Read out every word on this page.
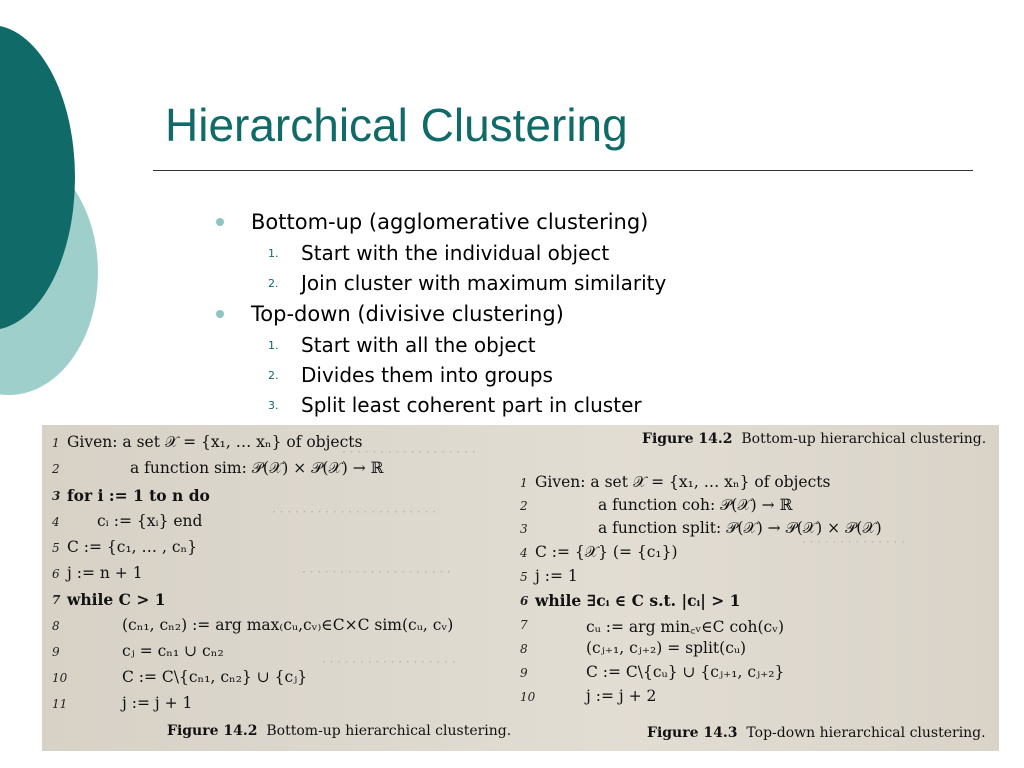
Hierarchical Clustering
Bottom-up (agglomerative clustering)
1. Start with the individual object
2. Join cluster with maximum similarity
Top-down (divisive clustering)
1. Start with all the object
2. Divides them into groups
3. Split least coherent part in cluster
· · · · · · · · · · · · · · · · · ·
· · · · · · · · · · · · · · · · · · · · · ·
· · · · · · · · · · · · · · · · · · · ·
· · · · · · · · · · · · · ·
· · · · · · · · · · · · · · · · · ·
1 Given: a set 𝒳 = {x₁, … xₙ} of objects
2	a function sim: 𝒫(𝒳) × 𝒫(𝒳) → ℝ
3 for i := 1 to n do
4 cᵢ := {xᵢ} end
5 C := {c₁, … , cₙ}
6 j := n + 1
7 while C > 1
8	(cₙ₁, cₙ₂) := arg max₍cᵤ,cᵥ₎∈C×C sim(cᵤ, cᵥ)
9	cⱼ = cₙ₁ ∪ cₙ₂
10	C := C\{cₙ₁, cₙ₂} ∪ {cⱼ}
11	j := j + 1
Figure 14.2 Bottom-up hierarchical clustering.
Figure 14.2 Bottom-up hierarchical clustering.
1 Given: a set 𝒳 = {x₁, … xₙ} of objects
2	a function coh: 𝒫(𝒳) → ℝ
3	a function split: 𝒫(𝒳) → 𝒫(𝒳) × 𝒫(𝒳)
4 C := {𝒳} (= {c₁})
5 j := 1
6 while ∃cᵢ ∈ C s.t. |cᵢ| > 1
7	cᵤ := arg min꜀ᵥ∈C coh(cᵥ)
8	(cⱼ₊₁, cⱼ₊₂) = split(cᵤ)
9	C := C\{cᵤ} ∪ {cⱼ₊₁, cⱼ₊₂}
10	j := j + 2
Figure 14.3 Top-down hierarchical clustering.
